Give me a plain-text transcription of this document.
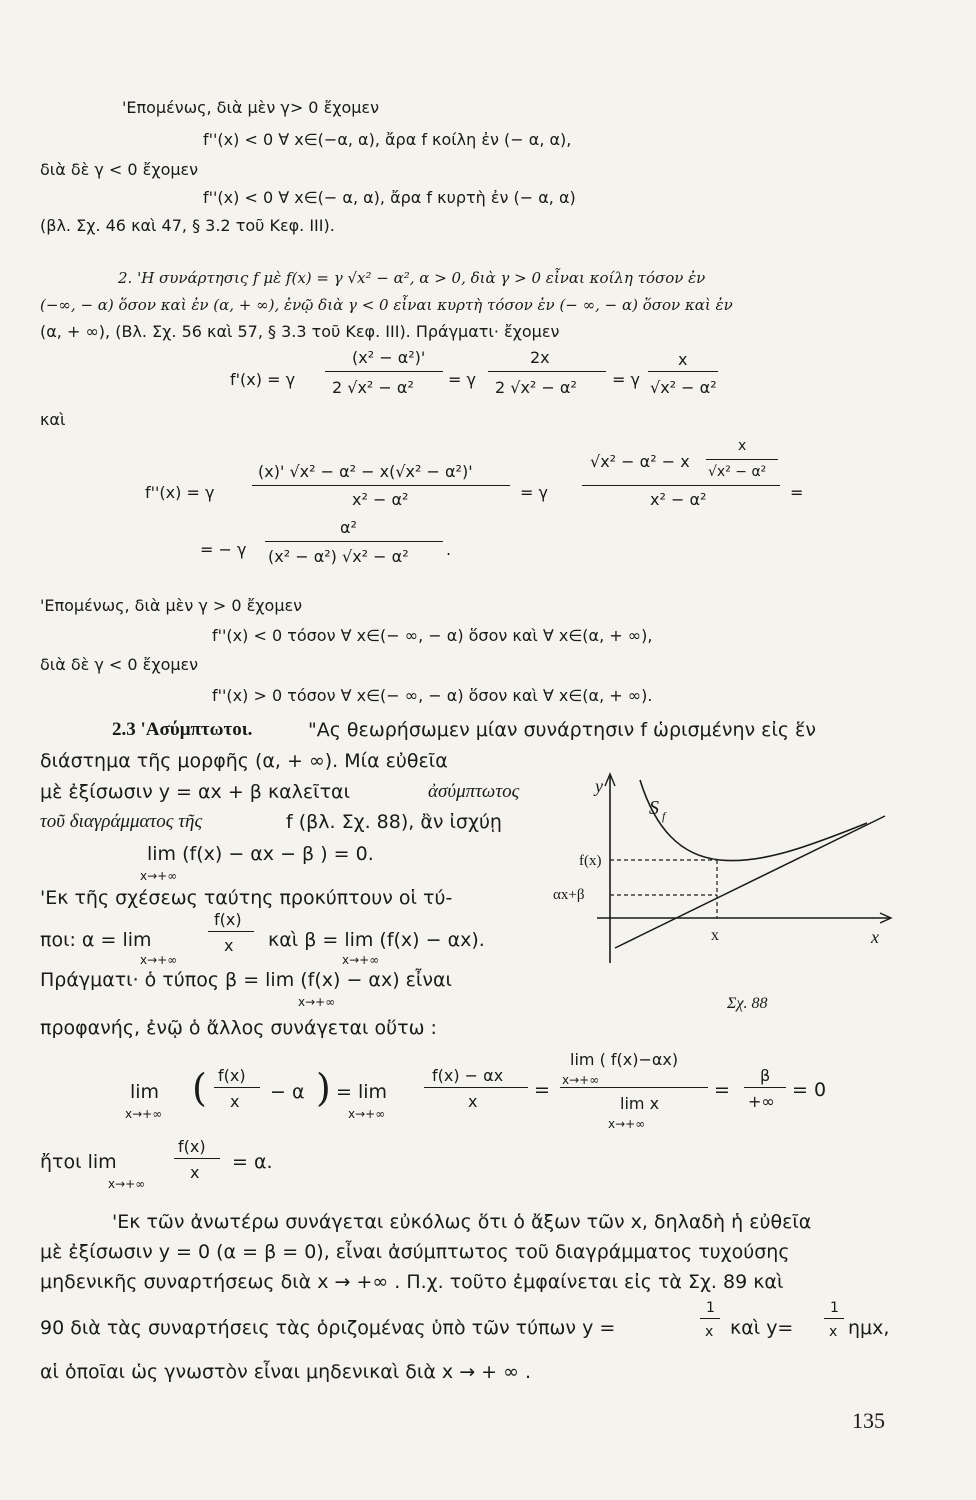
'Επομένως, διὰ μὲν γ> 0 ἔχομεν
f''(x) < 0 ∀ x∈(−α, α), ἄρα f κοίλη ἐν (− α, α),
διὰ δὲ γ < 0 ἔχομεν
f''(x) < 0 ∀ x∈(− α, α), ἄρα f κυρτὴ ἐν (− α, α)
(βλ. Σχ. 46 καὶ 47, § 3.2 τοῦ Κεφ. III).
2. 'Η συνάρτησις f μὲ f(x) = γ √x² − α², α > 0, διὰ γ > 0 εἶναι κοίλη τόσον ἐν
(−∞, − α) ὅσον καὶ ἐν (α, + ∞), ἐνῷ διὰ γ < 0 εἶναι κυρτὴ τόσον ἐν (− ∞, − α) ὅσον καὶ ἐν
(α, + ∞), (Βλ. Σχ. 56 καὶ 57, § 3.3 τοῦ Κεφ. III). Πράγματι· ἔχομεν
f'(x) = γ
(x² − α²)'
2 √x² − α² = γ
2x
2 √x² − α² = γ
x
√x² − α²
καὶ
f''(x) = γ
(x)' √x² − α² − x(√x² − α²)'
x² − α²	= γ
x
√x² − α² − x
√x² − α²
x² − α²	=
= − γ
α²
(x² − α²) √x² − α² .
'Επομένως, διὰ μὲν γ > 0 ἔχομεν
f''(x) < 0 τόσον ∀ x∈(− ∞, − α) ὅσον καὶ ∀ x∈(α, + ∞),
διὰ δὲ γ < 0 ἔχομεν
f''(x) > 0 τόσον ∀ x∈(− ∞, − α) ὅσον καὶ ∀ x∈(α, + ∞).
2.3 'Ασύμπτωτοι.	"Ας θεωρήσωμεν μίαν συνάρτησιν f ὡρισμένην εἰς ἕν
διάστημα τῆς μορφῆς (α, + ∞). Μία εὐθεῖα
μὲ ἐξίσωσιν y = αx + β καλεῖται	ἀσύμπτωτος
τοῦ διαγράμματος τῆς	f (βλ. Σχ. 88), ἂν ἰσχύῃ
lim (f(x) − αx − β ) = 0.
x→+∞
'Εκ τῆς σχέσεως ταύτης προκύπτουν οἱ τύ-
ποι: α = lim
f(x)
x καὶ β = lim (f(x) − αx).
x→+∞	x→+∞
Πράγματι· ὁ τύπος β = lim (f(x) − αx) εἶναι
x→+∞
προφανής, ἐνῷ ὁ ἄλλος συνάγεται οὕτω :
y
S f
f(x)
αx+β
x	x
Σχ. 88
lim
x→+∞
( f(x)
x − α ) = lim
x→+∞
f(x) − αx
x
=
lim ( f(x)−αx)
x→+∞
lim x
x→+∞
=
β
+∞
= 0
ἤτοι lim
x→+∞
f(x)
x = α.
'Εκ τῶν ἀνωτέρω συνάγεται εὐκόλως ὅτι ὁ ἄξων τῶν x, δηλαδὴ ἡ εὐθεῖα
μὲ ἐξίσωσιν y = 0 (α = β = 0), εἶναι ἀσύμπτωτος τοῦ διαγράμματος τυχούσης
μηδενικῆς συναρτήσεως διὰ x → +∞ . Π.χ. τοῦτο ἐμφαίνεται εἰς τὰ Σχ. 89 καὶ
90 διὰ τὰς συναρτήσεις τὰς ὁριζομένας ὑπὸ τῶν τύπων y =
1
x καὶ y=
1
x ημx,
αἱ ὁποῖαι ὡς γνωστὸν εἶναι μηδενικαὶ διὰ x → + ∞ .
135
